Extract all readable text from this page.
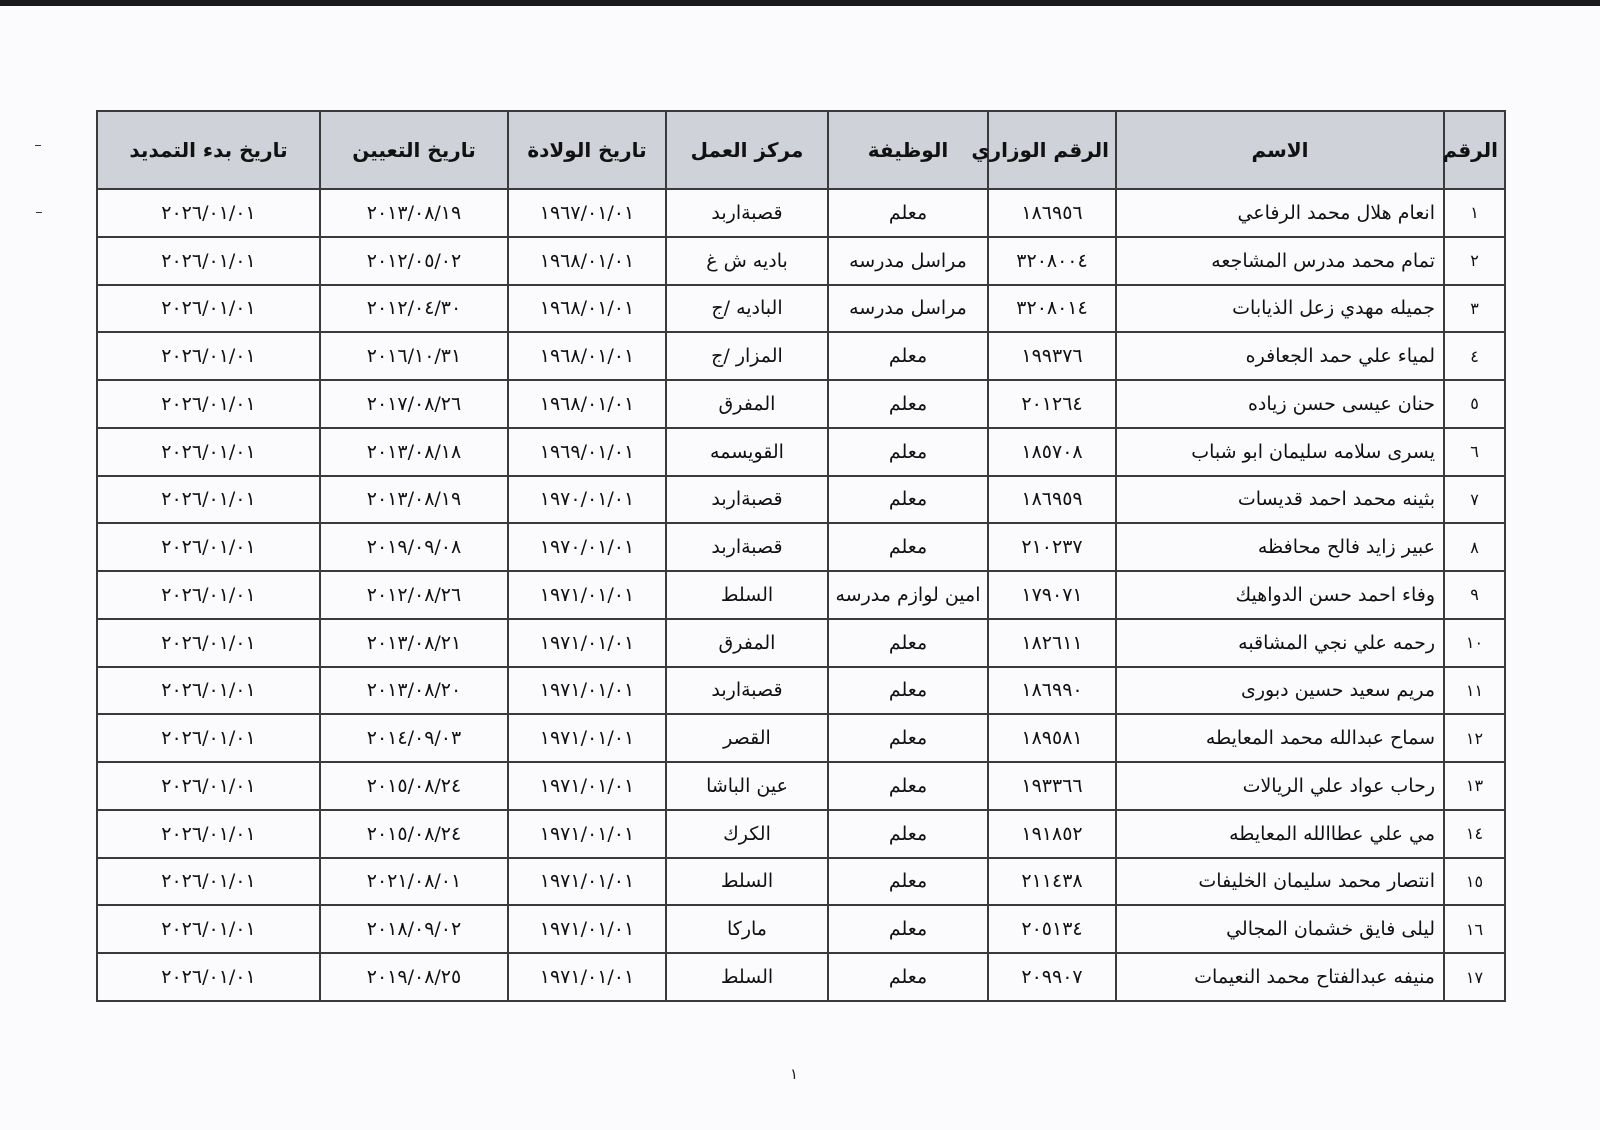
الرقم	الاسم	الرقم الوزاري	الوظيفة	مركز العمل	تاريخ الولادة	تاريخ التعيين	تاريخ بدء التمديد
١	انعام هلال محمد الرفاعي	١٨٦٩٥٦	معلم	قصبةاربد	١٩٦٧/٠١/٠١	٢٠١٣/٠٨/١٩	٢٠٢٦/٠١/٠١
٢	تمام محمد مدرس المشاجعه	٣٢٠٨٠٠٤	مراسل مدرسه	باديه ش غ	١٩٦٨/٠١/٠١	٢٠١٢/٠٥/٠٢	٢٠٢٦/٠١/٠١
٣	جميله مهدي زعل الذيابات	٣٢٠٨٠١٤	مراسل مدرسه	الباديه /ج	١٩٦٨/٠١/٠١	٢٠١٢/٠٤/٣٠	٢٠٢٦/٠١/٠١
٤	لمياء علي حمد الجعافره	١٩٩٣٧٦	معلم	المزار /ج	١٩٦٨/٠١/٠١	٢٠١٦/١٠/٣١	٢٠٢٦/٠١/٠١
٥	حنان عيسى حسن زياده	٢٠١٢٦٤	معلم	المفرق	١٩٦٨/٠١/٠١	٢٠١٧/٠٨/٢٦	٢٠٢٦/٠١/٠١
٦	يسرى سلامه سليمان ابو شباب	١٨٥٧٠٨	معلم	القويسمه	١٩٦٩/٠١/٠١	٢٠١٣/٠٨/١٨	٢٠٢٦/٠١/٠١
٧	بثينه محمد احمد قديسات	١٨٦٩٥٩	معلم	قصبةاربد	١٩٧٠/٠١/٠١	٢٠١٣/٠٨/١٩	٢٠٢٦/٠١/٠١
٨	عبير زايد فالح محافظه	٢١٠٢٣٧	معلم	قصبةاربد	١٩٧٠/٠١/٠١	٢٠١٩/٠٩/٠٨	٢٠٢٦/٠١/٠١
٩	وفاء احمد حسن الدواهيك	١٧٩٠٧١	امين لوازم مدرسه	السلط	١٩٧١/٠١/٠١	٢٠١٢/٠٨/٢٦	٢٠٢٦/٠١/٠١
١٠	رحمه علي نجي المشاقبه	١٨٢٦١١	معلم	المفرق	١٩٧١/٠١/٠١	٢٠١٣/٠٨/٢١	٢٠٢٦/٠١/٠١
١١	مريم سعيد حسين دبورى	١٨٦٩٩٠	معلم	قصبةاربد	١٩٧١/٠١/٠١	٢٠١٣/٠٨/٢٠	٢٠٢٦/٠١/٠١
١٢	سماح عبدالله محمد المعايطه	١٨٩٥٨١	معلم	القصر	١٩٧١/٠١/٠١	٢٠١٤/٠٩/٠٣	٢٠٢٦/٠١/٠١
١٣	رحاب عواد علي الريالات	١٩٣٣٦٦	معلم	عين الباشا	١٩٧١/٠١/٠١	٢٠١٥/٠٨/٢٤	٢٠٢٦/٠١/٠١
١٤	مي علي عطاالله المعايطه	١٩١٨٥٢	معلم	الكرك	١٩٧١/٠١/٠١	٢٠١٥/٠٨/٢٤	٢٠٢٦/٠١/٠١
١٥	انتصار محمد سليمان الخليفات	٢١١٤٣٨	معلم	السلط	١٩٧١/٠١/٠١	٢٠٢١/٠٨/٠١	٢٠٢٦/٠١/٠١
١٦	ليلى فايق خشمان المجالي	٢٠٥١٣٤	معلم	ماركا	١٩٧١/٠١/٠١	٢٠١٨/٠٩/٠٢	٢٠٢٦/٠١/٠١
١٧	منيفه عبدالفتاح محمد النعيمات	٢٠٩٩٠٧	معلم	السلط	١٩٧١/٠١/٠١	٢٠١٩/٠٨/٢٥	٢٠٢٦/٠١/٠١
١
